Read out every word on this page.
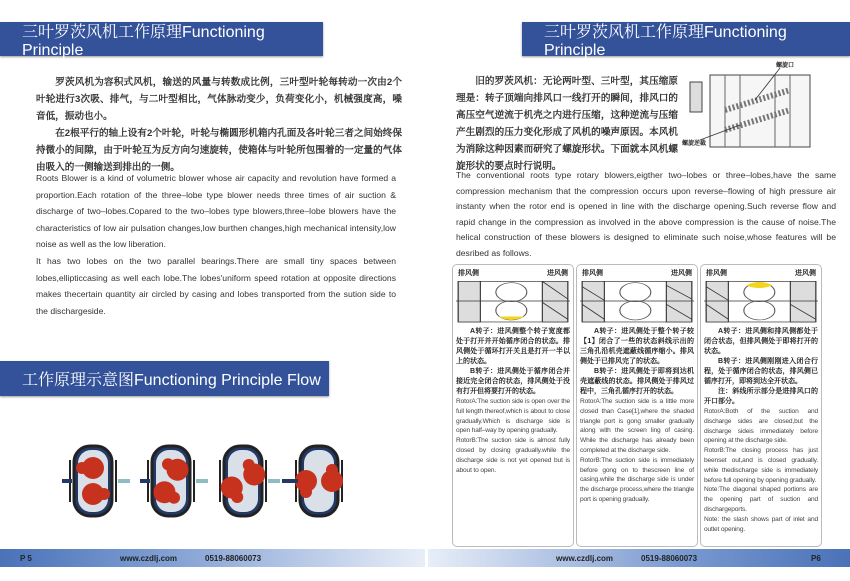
三叶罗茨风机工作原理Functioning Principle

罗茨风机为容积式风机，输送的风量与转数成比例，三叶型叶轮每转动一次由2个叶轮进行3次吸、排气，与二叶型相比，气体脉动变少，负荷变化小，机械强度高，噪音低，振动也小。

在2根平行的轴上设有2个叶轮，叶轮与椭圆形机箱内孔面及各叶轮三者之间始终保持微小的间隙，由于叶轮互为反方向匀速旋转，使箱体与叶轮所包围着的一定量的气体由吸入的一侧输送到排出的一侧。

Roots Blower is a kind of volumetric blower whose air capacity and revolution have formed a proportion.Each rotation of the three–lobe type blower needs three times of air suction & discharge of two–lobes.Copared to the two–lobes type blowers,three–lobe blowers have the characteristics of low air pulsation changes,low burthen changes,high mechanical intensity,low noise as well as the low liberation.

It has two lobes on the two parallel bearings.There are small tiny spaces between lobes,ellipticcasing as well each lobe.The lobes'uniform speed rotation at opposite directions makes thecertain quantity air circled by casing and lobes transported from the sution side to the dischargeside.

工作原理示意图Functioning Principle Flow
P 5	www.czdlj.com	0519-88060073
三叶罗茨风机工作原理Functioning Principle

旧的罗茨风机：无论两叶型、三叶型，其压缩原理是：转子顶端向排风口一线打开的瞬间，排风口的高压空气逆流于机壳之内进行压缩，这种逆流与压缩产生剧烈的压力变化形成了风机的噪声原因。本风机为消除这种因素而研究了螺旋形状。下面就本风机螺旋形状的要点时行说明。

螺旋口
螺旋逆截

The conventional roots type rotary blowers,eigther two–lobes or three–lobes,have the same compression mechanism that the compression occurs upon reverse–flowing of high pressure air instanty when the rotor end is opened in line with the discharge opening.Such reverse flow and rapid change in the compression as involved in the above compression is the cause of noise.The helical construction of these blowers is designed to eliminate such noise,whose features will be desribed as follows.

排风侧	进风侧

A转子：进风侧整个转子宽度都处于打开并开始循序闭合的状态。排风侧处于循环打开关且是打开一半以上的状态。

B转子：进风侧处于循序闭合并接近完全闭合的状态，排风侧处于没有打开但将要打开的状态。

RotorA:The suction side is open over the full length thereof,which is about to close gradually.Which is discharge side is open half–way by opening gradually.
RotorB:The suction side is almost fully closed by closing gradually.while the discharge side is not yet opened but is about to open.
排风侧	进风侧

A转子：进风侧处于整个转子较【1】闭合了一些的状态斜线示出的三角孔沿机壳遮蔽线循序缩小。排风侧处于已排风完了的状态。

B转子：进风侧处于即将到达机壳遮蔽线的状态。排风侧处于排风过程中，三角孔循序打开的状态。

RotorA:The suction side is a little more closed than Case[1],where the shaded triangle port is gong smaller gradually along with the screen ling of casing. While the discharge has already been completed at the discharge side.
RotorB:The suction side is immediately before gong on to thescreen line of casing.while the discharge side is under the discharge process,where the triangle port is opening gradually.
排风侧	进风侧

A转子：进风侧和排风侧都处于闭合状态，但排风侧处于即将打开的状态。

B转子：进风侧刚刚进入闭合行程，处于循序闭合的状态，排风侧已循序打开，即将到达全开状态。

注：斜线所示部分是进排风口的开口部分。

RotorA:Both of the suction and discharge sides are closed,but the discharge sideis immediately before opening at the discharge side.
RotorB:The closing process has just beenset out,and is closed gradually. while thedischarge side is immediately before full opening by opening gradually.
Note:The diagonal shaped portions are the opening part of suction and dischargeports.
Note: the slash shows part of inlet and outlet opening.
www.czdlj.com	0519-88060073	P6
